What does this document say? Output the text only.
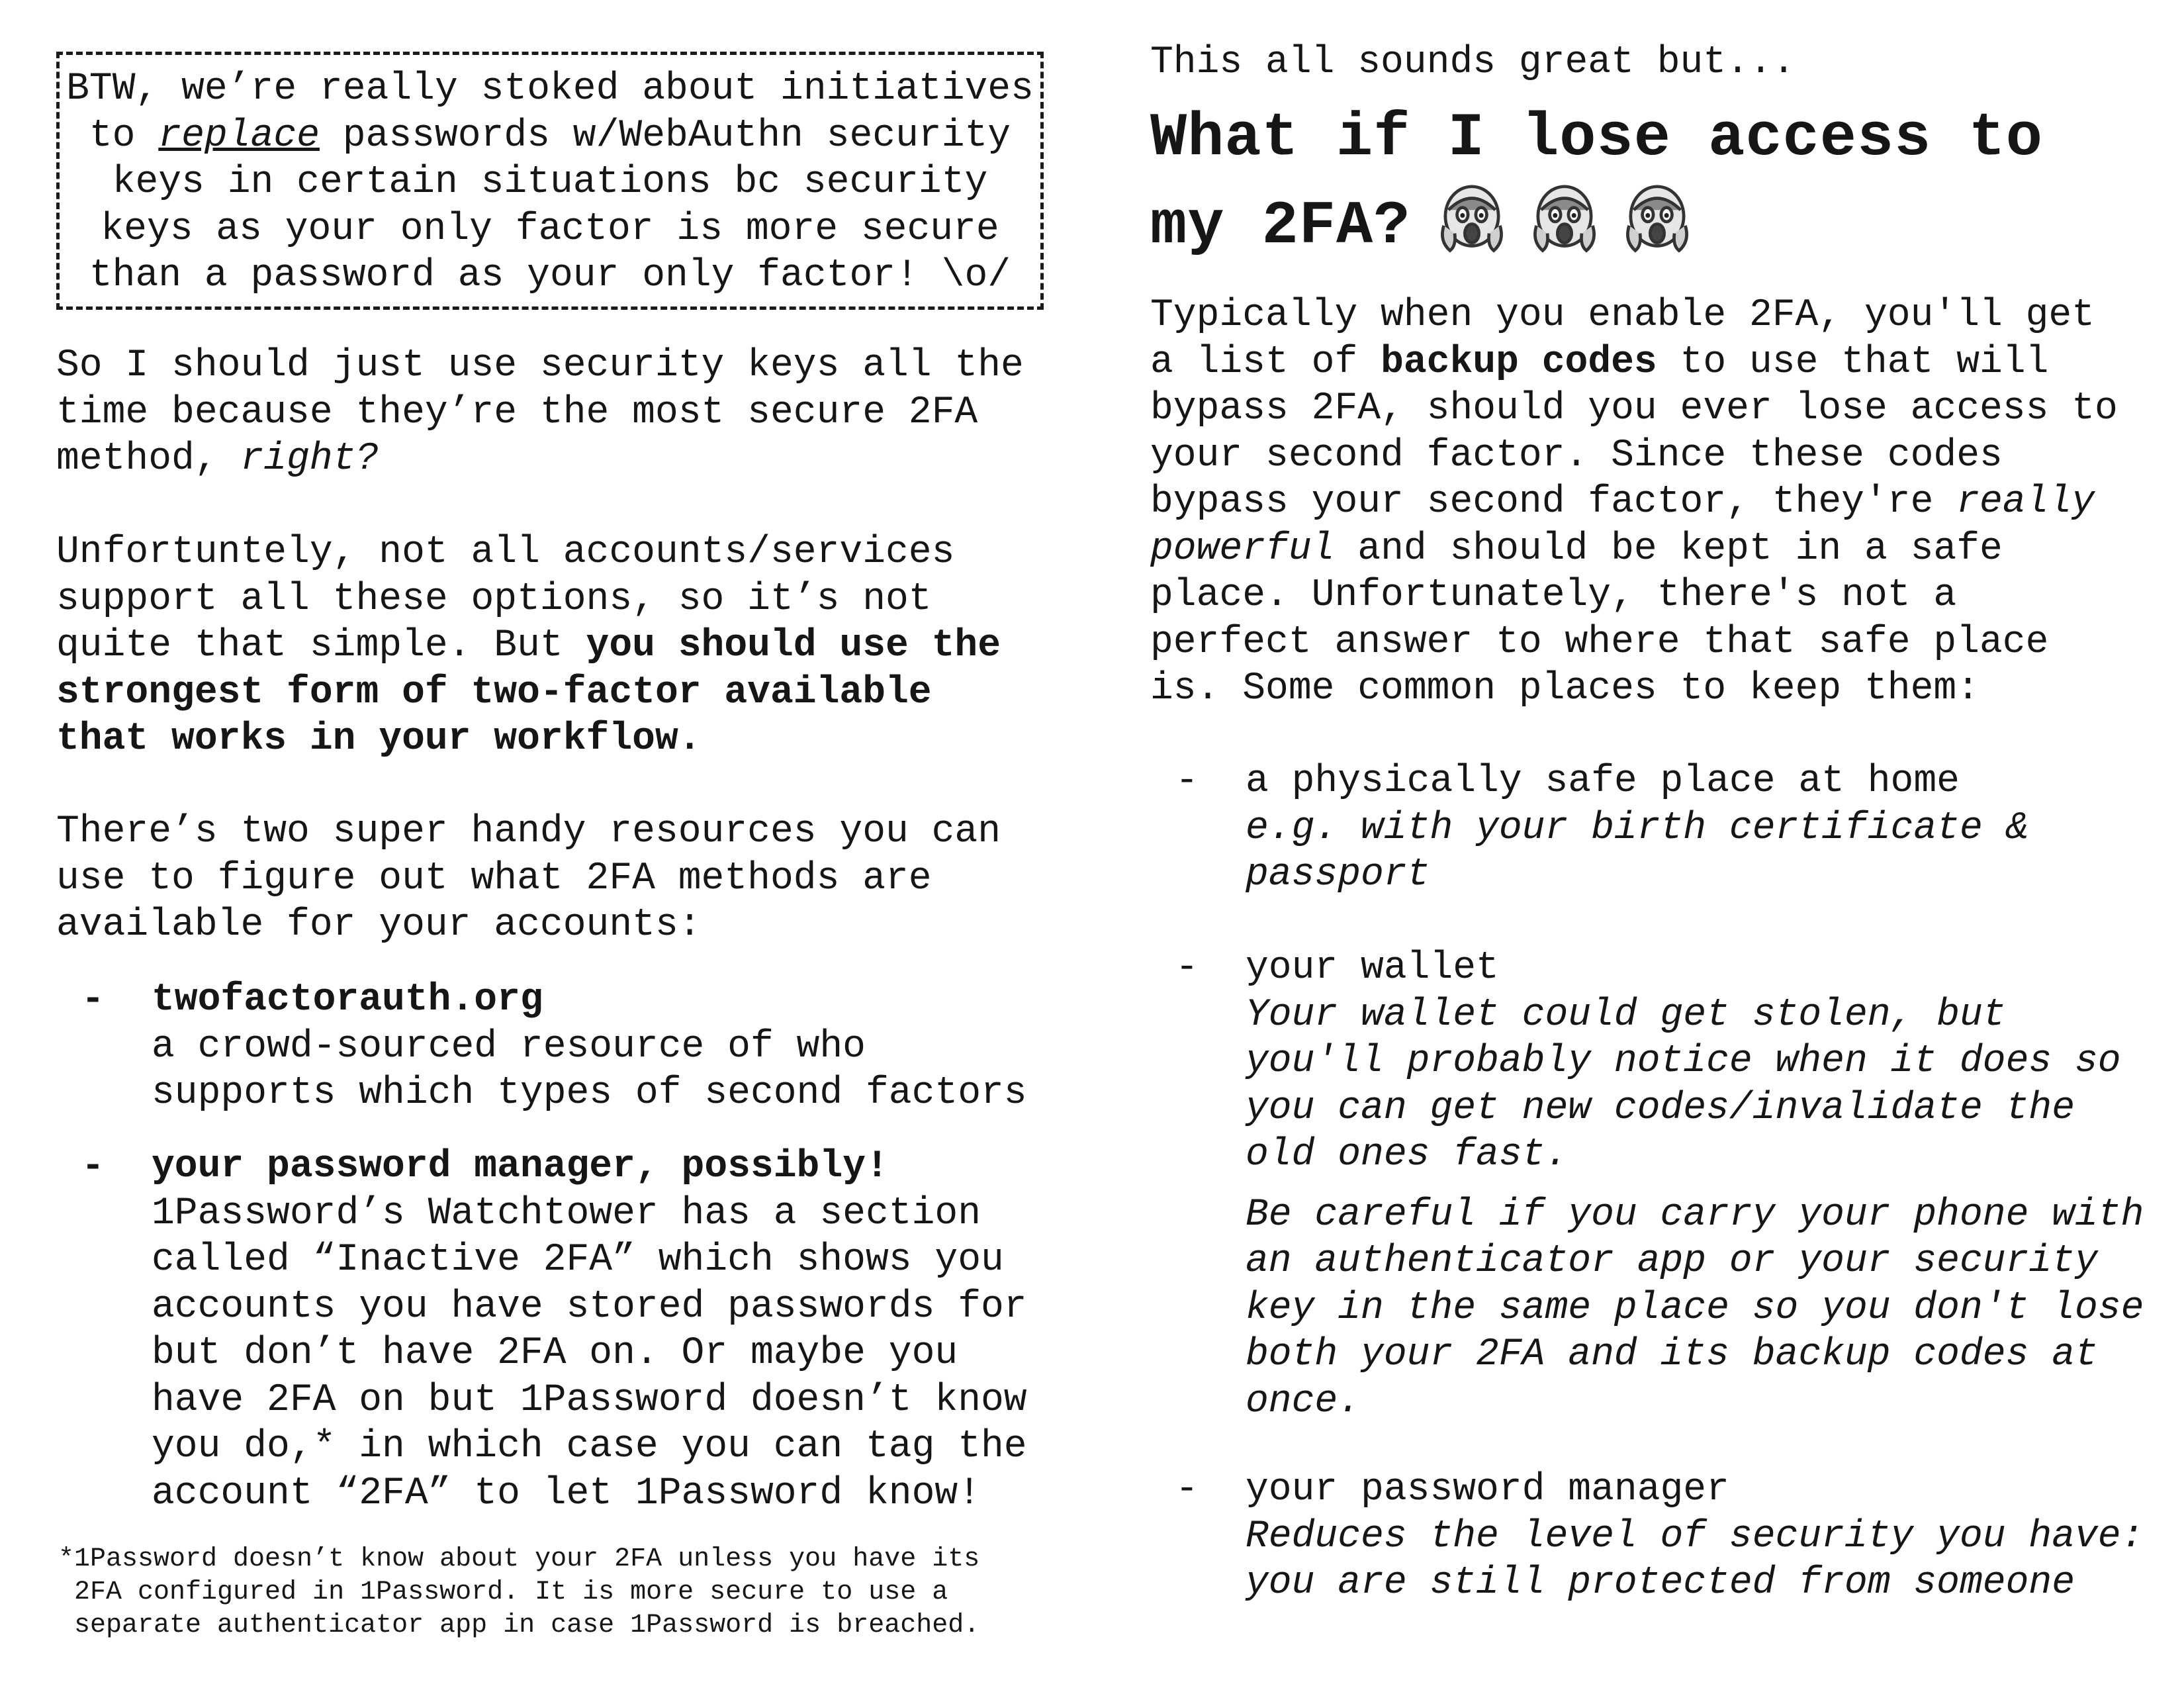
BTW, we’re really stoked about initiatives
to replace passwords w/WebAuthn security
keys in certain situations bc security
keys as your only factor is more secure
than a password as your only factor! \o/
So I should just use security keys all the
time because they’re the most secure 2FA
method, right?
Unfortuntely, not all accounts/services
support all these options, so it’s not
quite that simple. But you should use the
strongest form of two-factor available
that works in your workflow.
There’s two super handy resources you can
use to figure out what 2FA methods are
available for your accounts:
- twofactorauth.org
a crowd-sourced resource of who
supports which types of second factors
- your password manager, possibly!
1Password’s Watchtower has a section
called “Inactive 2FA” which shows you
accounts you have stored passwords for
but don’t have 2FA on. Or maybe you
have 2FA on but 1Password doesn’t know
you do,* in which case you can tag the
account “2FA” to let 1Password know!
*1Password doesn’t know about your 2FA unless you have its
2FA configured in 1Password. It is more secure to use a
separate authenticator app in case 1Password is breached.
This all sounds great but...
What if I lose access to
my 2FA?
Typically when you enable 2FA, you'll get
a list of backup codes to use that will
bypass 2FA, should you ever lose access to
your second factor. Since these codes
bypass your second factor, they're really
powerful and should be kept in a safe
place. Unfortunately, there's not a
perfect answer to where that safe place
is. Some common places to keep them:
- a physically safe place at home
e.g. with your birth certificate &
passport
- your wallet
Your wallet could get stolen, but
you'll probably notice when it does so
you can get new codes/invalidate the
old ones fast.
Be careful if you carry your phone with
an authenticator app or your security
key in the same place so you don't lose
both your 2FA and its backup codes at
once.
- your password manager
Reduces the level of security you have:
you are still protected from someone
